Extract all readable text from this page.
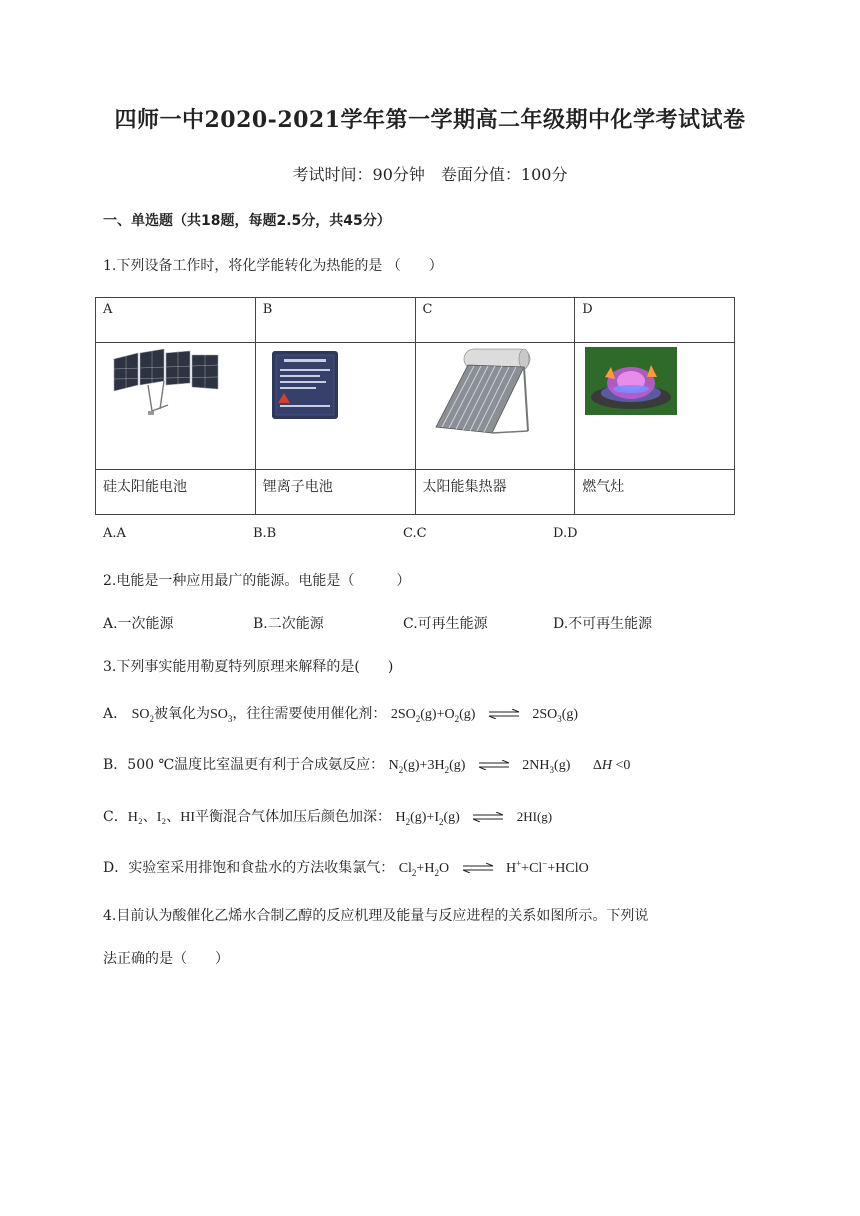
四师一中2020-2021学年第一学期高二年级期中化学考试试卷
考试时间：90分钟　卷面分值：100分
一、单选题（共18题，每题2.5分，共45分）
1.下列设备工作时，将化学能转化为热能的是 （　　）
A	B	C	D

硅太阳能电池	锂离子电池	太阳能集热器	燃气灶
A.A	B.B	C.C	D.D
2.电能是一种应用最广的能源。电能是（　　　）
A.一次能源	B.二次能源	C.可再生能源	D.不可再生能源
3.下列事实能用勒夏特列原理来解释的是(　　)
A． $SO_2$被氧化为$SO_3$，往往需要使用催化剂： $2SO_2(g)+O_2(g)$ ⇌ $2SO_3(g)$
B．500 ℃温度比室温更有利于合成氨反应： $N_2(g)+3H_2(g)$ ⇌ $2NH_3(g)$ ΔH <0
C．H₂、I₂、HI平衡混合气体加压后颜色加深： $H_2(g)+I_2(g)$ ⇌ 2HI(g)
D．实验室采用排饱和食盐水的方法收集氯气： $Cl_2+H_2O$ ⇌ H++Cl−+HClO
4.目前认为酸催化乙烯水合制乙醇的反应机理及能量与反应进程的关系如图所示。下列说
法正确的是（　　）
